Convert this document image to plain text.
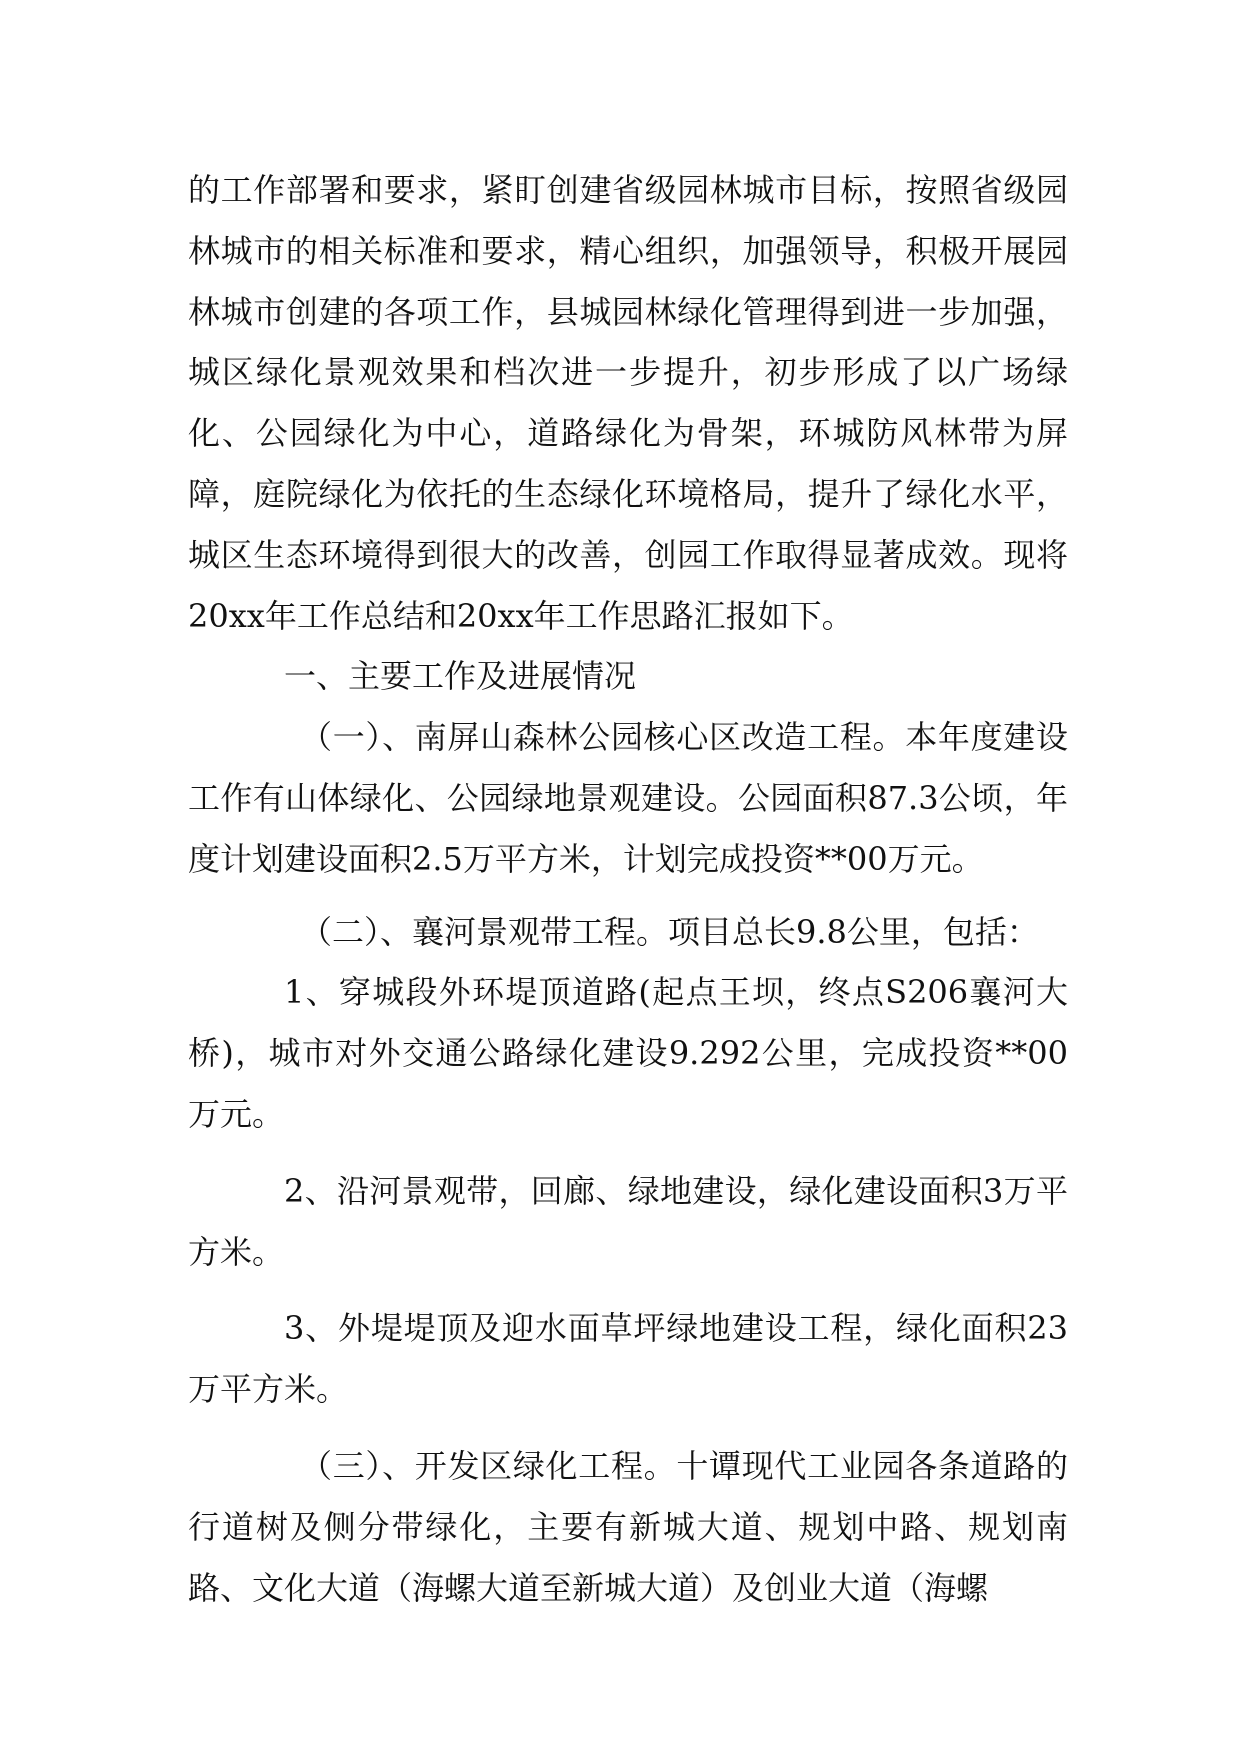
的工作部署和要求，紧盯创建省级园林城市目标，按照省级园林城市的相关标准和要求，精心组织，加强领导，积极开展园林城市创建的各项工作，县城园林绿化管理得到进一步加强，城区绿化景观效果和档次进一步提升，初步形成了以广场绿化、公园绿化为中心，道路绿化为骨架，环城防风林带为屏障，庭院绿化为依托的生态绿化环境格局，提升了绿化水平，城区生态环境得到很大的改善，创园工作取得显著成效。现将20xx年工作总结和20xx年工作思路汇报如下。

一、主要工作及进展情况

（一）、南屏山森林公园核心区改造工程。本年度建设工作有山体绿化、公园绿地景观建设。公园面积87.3公顷，年度计划建设面积2.5万平方米，计划完成投资**00万元。

（二）、襄河景观带工程。项目总长9.8公里，包括：

1、穿城段外环堤顶道路(起点王坝，终点S206襄河大桥)，城市对外交通公路绿化建设9.292公里，完成投资**00万元。

2、沿河景观带，回廊、绿地建设，绿化建设面积3万平方米。

3、外堤堤顶及迎水面草坪绿地建设工程，绿化面积23万平方米。

（三）、开发区绿化工程。十谭现代工业园各条道路的行道树及侧分带绿化，主要有新城大道、规划中路、规划南路、文化大道（海螺大道至新城大道）及创业大道（海螺
